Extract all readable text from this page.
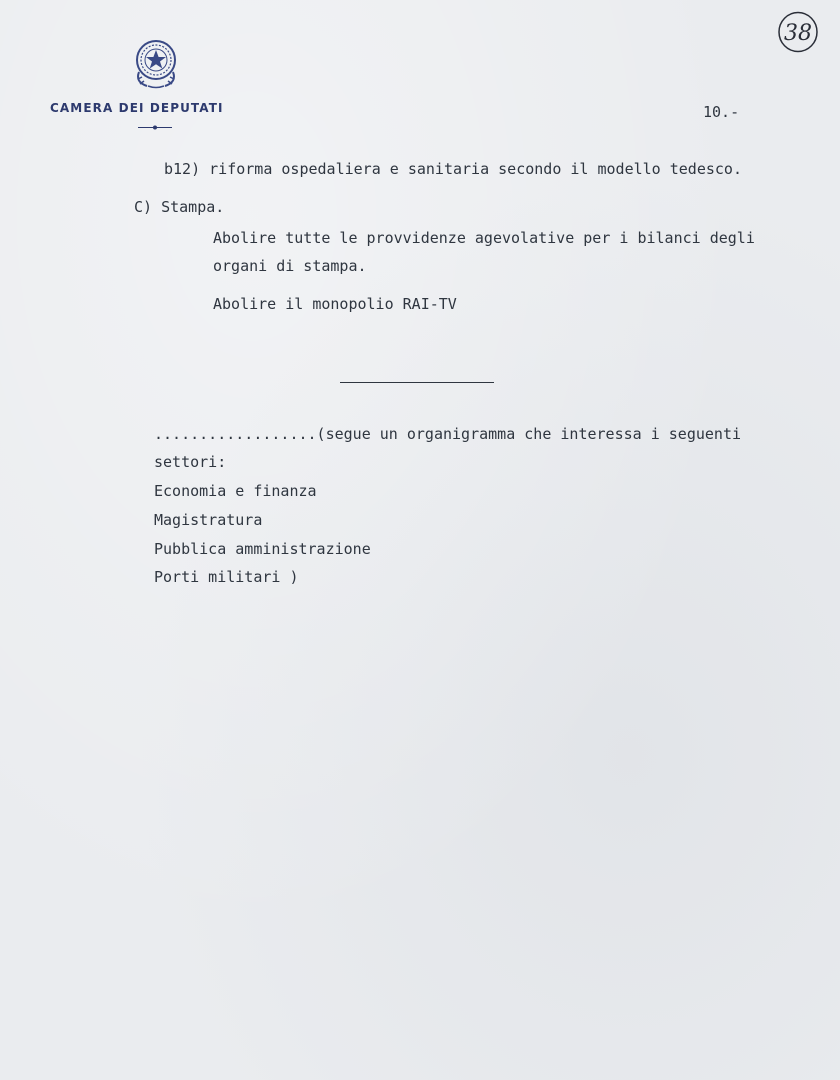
CAMERA DEI DEPUTATI	10.-
38
b12) riforma ospedaliera e sanitaria secondo il modello tedesco.
C) Stampa.
Abolire tutte le provvidenze agevolative per i bilanci degli
organi di stampa.
Abolire il monopolio RAI-TV
..................(segue un organigramma che interessa i seguenti
settori:
Economia e finanza
Magistratura
Pubblica amministrazione
Porti militari )
